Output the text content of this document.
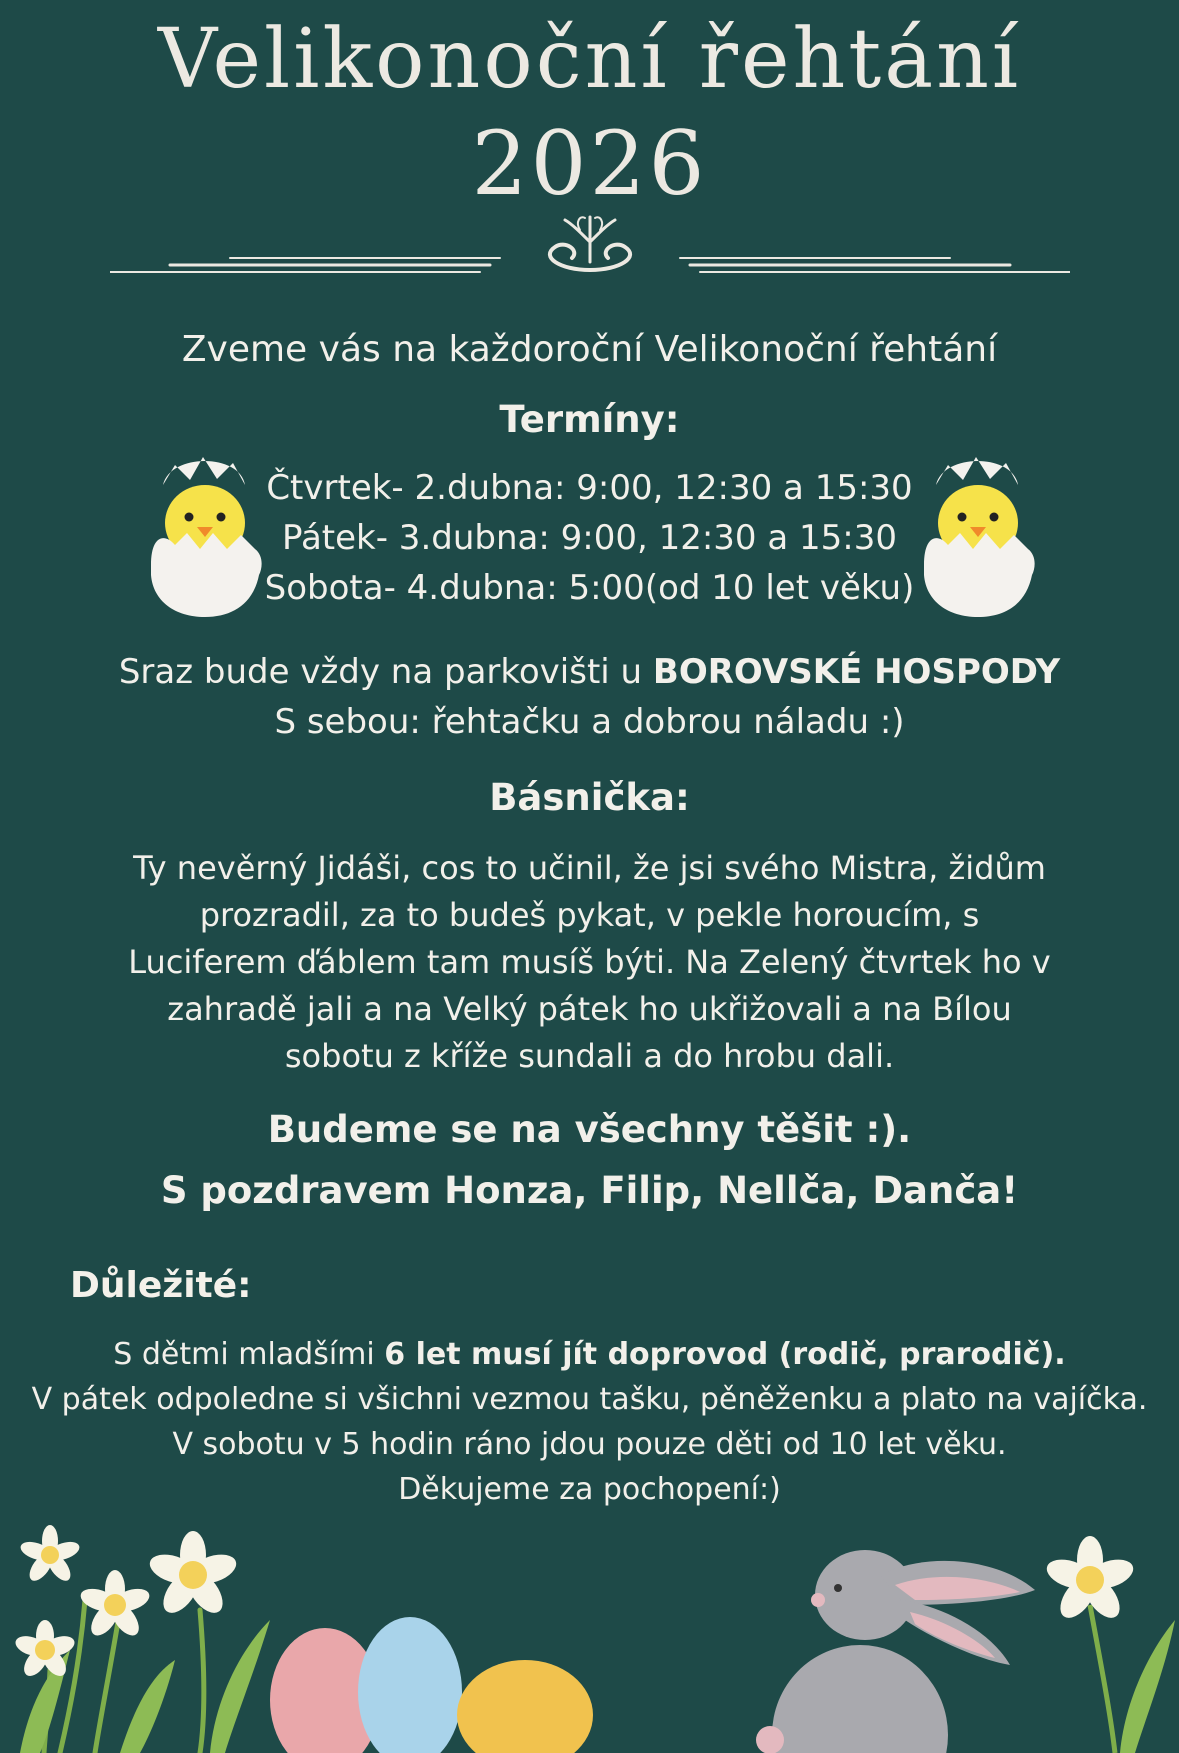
Velikonoční řehtání
2026
Zveme vás na každoroční Velikonoční řehtání
Termíny:
Čtvrtek- 2.dubna: 9:00, 12:30 a 15:30
Pátek- 3.dubna: 9:00, 12:30 a 15:30
Sobota- 4.dubna: 5:00(od 10 let věku)
Sraz bude vždy na parkovišti u BOROVSKÉ HOSPODY
S sebou: řehtačku a dobrou náladu :)
Básnička:
Ty nevěrný Jidáši, cos to učinil, že jsi svého Mistra, židům
prozradil, za to budeš pykat, v pekle horoucím, s
Luciferem ďáblem tam musíš býti. Na Zelený čtvrtek ho v
zahradě jali a na Velký pátek ho ukřižovali a na Bílou
sobotu z kříže sundali a do hrobu dali.
Budeme se na všechny těšit :).
S pozdravem Honza, Filip, Nellča, Danča!
Důležité:
S dětmi mladšími 6 let musí jít doprovod (rodič, prarodič).
V pátek odpoledne si všichni vezmou tašku, pěněženku a plato na vajíčka.
V sobotu v 5 hodin ráno jdou pouze děti od 10 let věku.
Děkujeme za pochopení:)
